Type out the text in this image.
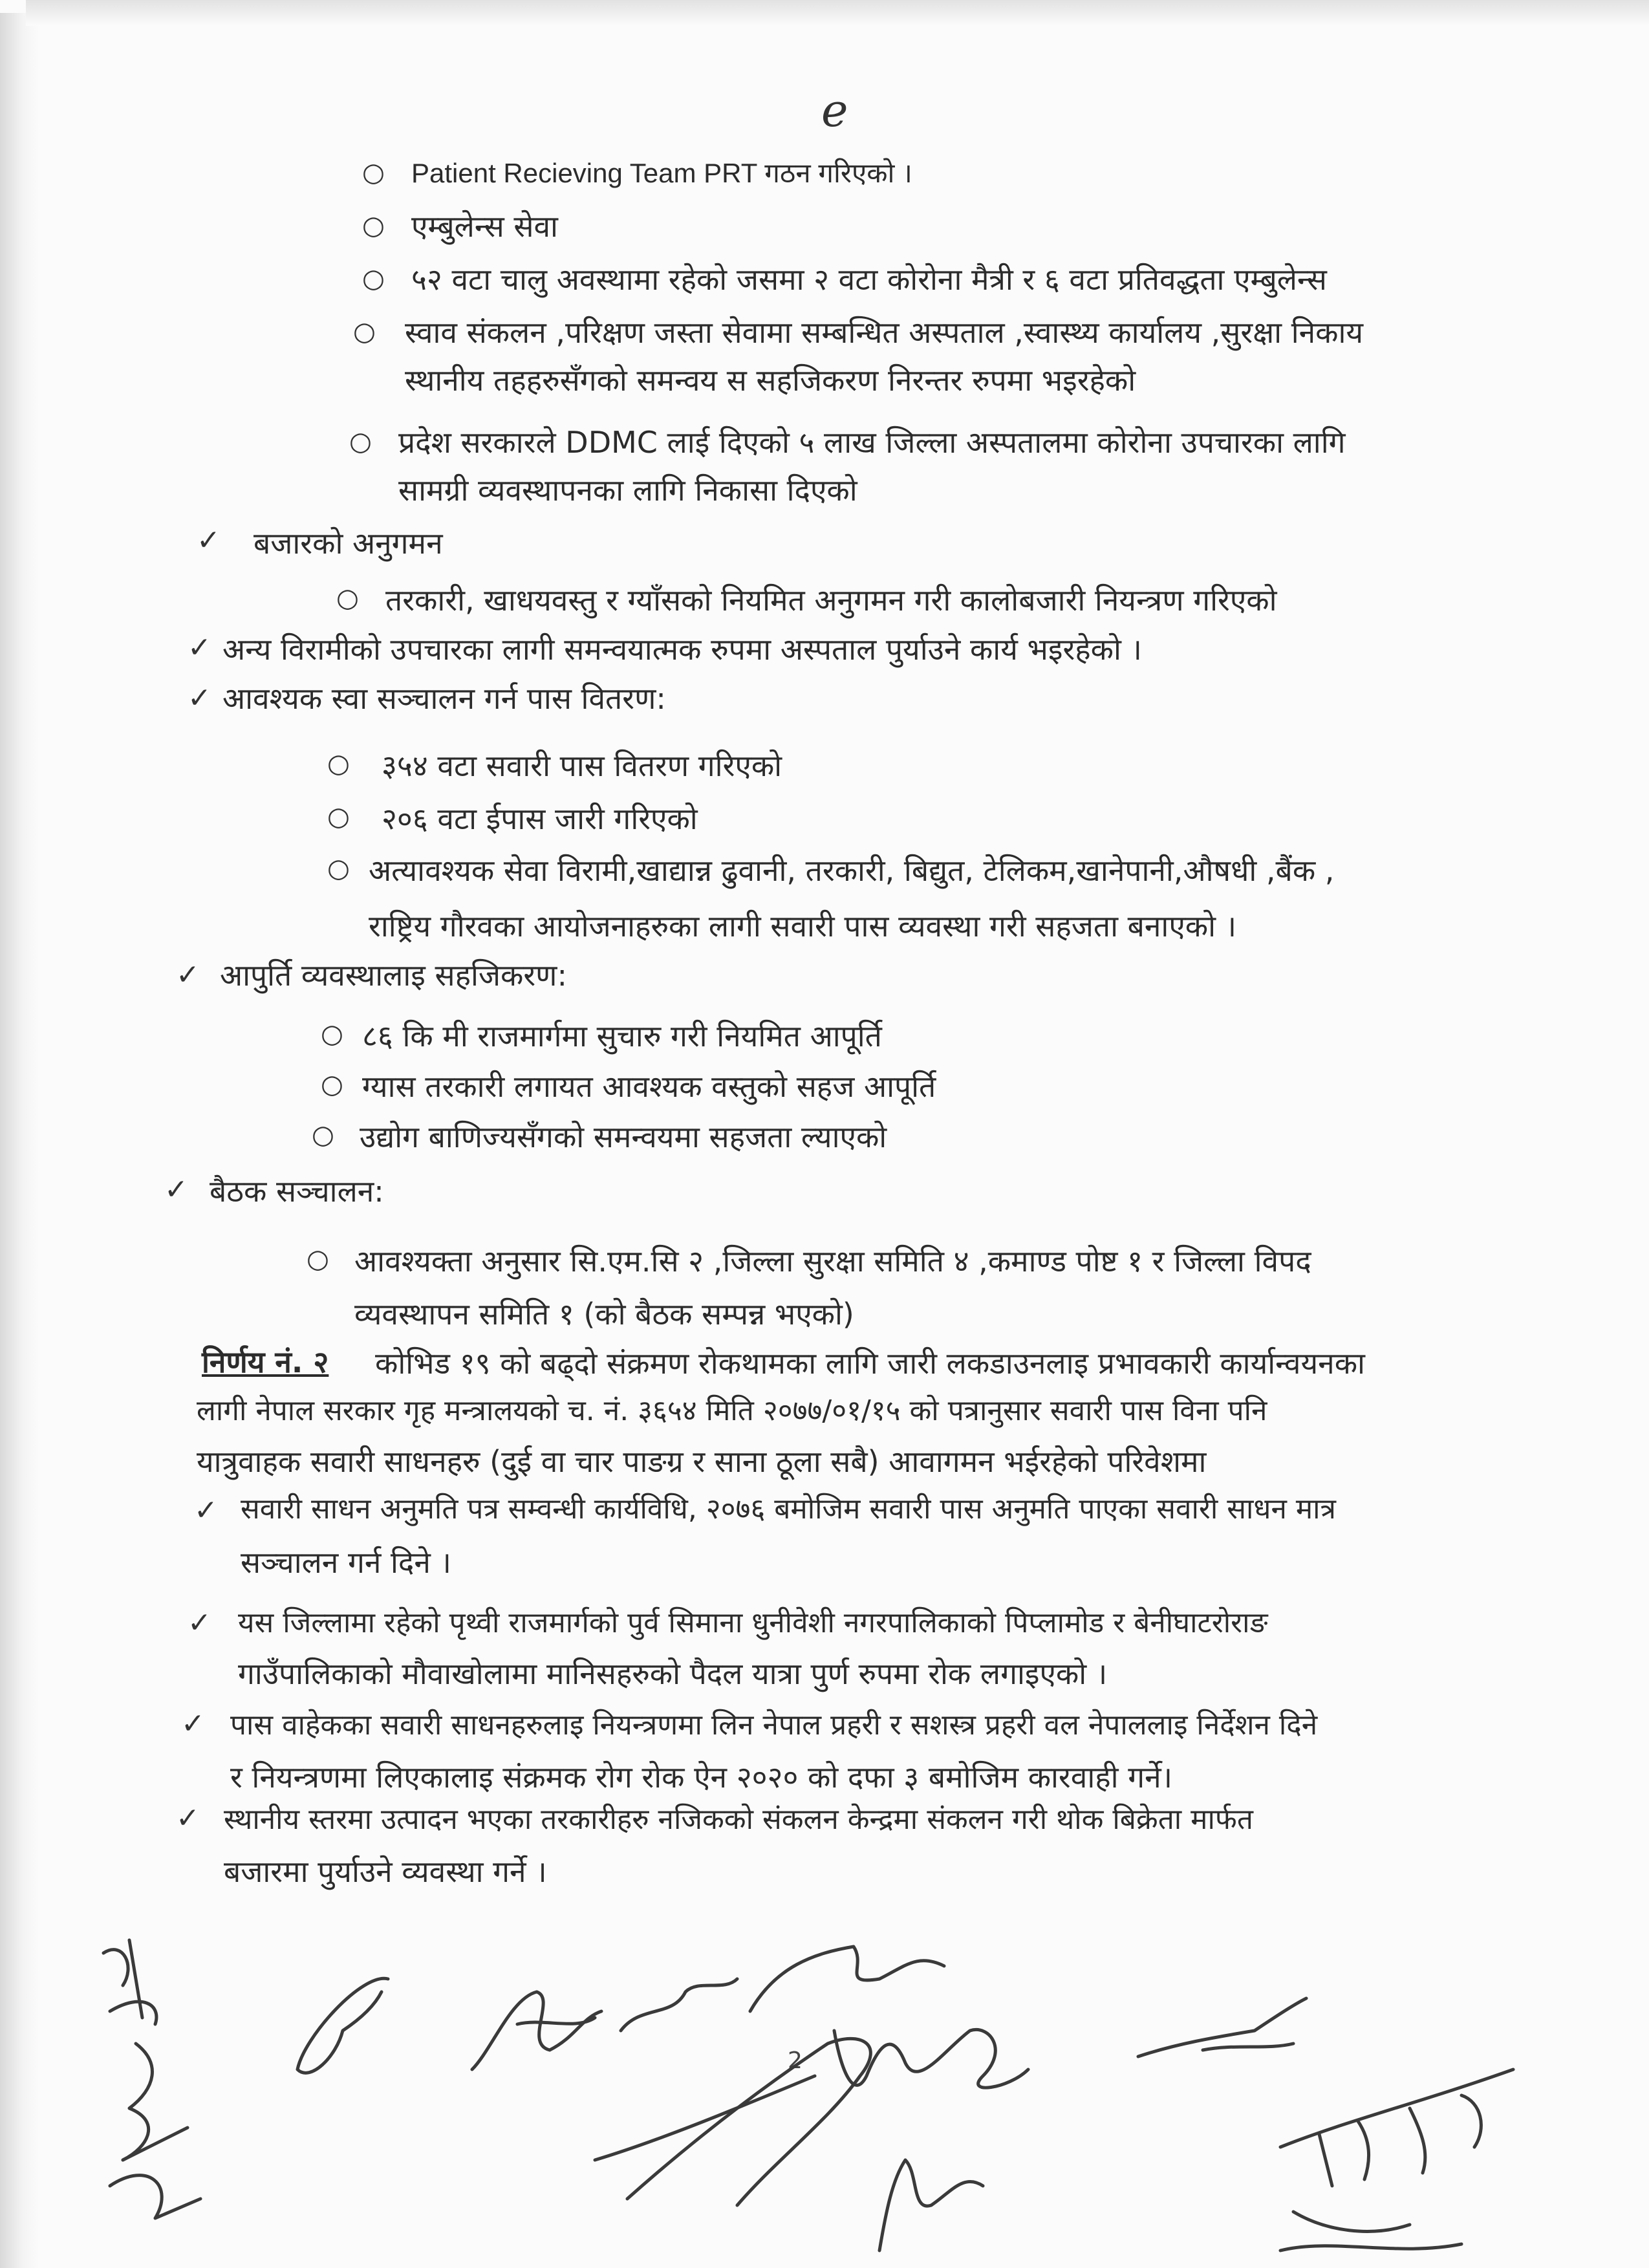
e
○ Patient Recieving Team PRT गठन गरिएको ।
○ एम्बुलेन्स सेवा
○ ५२ वटा चालु अवस्थामा रहेको जसमा २ वटा कोरोना मैत्री र ६ वटा प्रतिवद्धता एम्बुलेन्स
○ स्वाव संकलन ,परिक्षण जस्ता सेवामा सम्बन्धित अस्पताल ,स्वास्थ्य कार्यालय ,सुरक्षा निकाय
स्थानीय तहहरुसँगको समन्वय स सहजिकरण निरन्तर रुपमा भइरहेको
○ प्रदेश सरकारले DDMC लाई दिएको ५ लाख जिल्ला अस्पतालमा कोरोना उपचारका लागि
सामग्री व्यवस्थापनका लागि निकासा दिएको
✓ बजारको अनुगमन
○ तरकारी, खाधयवस्तु र ग्याँसको नियमित अनुगमन गरी कालोबजारी नियन्त्रण गरिएको
✓ अन्य विरामीको उपचारका लागी समन्वयात्मक रुपमा अस्पताल पुर्याउने कार्य भइरहेको ।
✓ आवश्यक स्वा सञ्चालन गर्न पास वितरण:
○ ३५४ वटा सवारी पास वितरण गरिएको
○ २०६ वटा ईपास जारी गरिएको
○ अत्यावश्यक सेवा विरामी,खाद्यान्न ढुवानी, तरकारी, बिद्युत, टेलिकम,खानेपानी,औषधी ,बैंक ,
राष्ट्रिय गौरवका आयोजनाहरुका लागी सवारी पास व्यवस्था गरी सहजता बनाएको ।
✓ आपुर्ति व्यवस्थालाइ सहजिकरण:
○ ८६ कि मी राजमार्गमा सुचारु गरी नियमित आपूर्ति
○ ग्यास तरकारी लगायत आवश्यक वस्तुको सहज आपूर्ति
○ उद्योग बाणिज्यसँगको समन्वयमा सहजता ल्याएको
✓ बैठक सञ्चालन:
○ आवश्यक्ता अनुसार सि.एम.सि २ ,जिल्ला सुरक्षा समिति ४ ,कमाण्ड पोष्ट १ र जिल्ला विपद
व्यवस्थापन समिति १ (को बैठक सम्पन्न भएको)
निर्णय नं. २ कोभिड १९ को बढ्दो संक्रमण रोकथामका लागि जारी लकडाउनलाइ प्रभावकारी कार्यान्वयनका
लागी नेपाल सरकार गृह मन्त्रालयको च. नं. ३६५४ मिति २०७७/०१/१५ को पत्रानुसार सवारी पास विना पनि
यात्रुवाहक सवारी साधनहरु (दुई वा चार पाङग्र र साना ठूला सबै) आवागमन भईरहेको परिवेशमा
✓ सवारी साधन अनुमति पत्र सम्वन्धी कार्यविधि, २०७६ बमोजिम सवारी पास अनुमति पाएका सवारी साधन मात्र
सञ्चालन गर्न दिने ।
✓ यस जिल्लामा रहेको पृथ्वी राजमार्गको पुर्व सिमाना धुनीवेशी नगरपालिकाको पिप्लामोड र बेनीघाटरोराङ
गाउँपालिकाको मौवाखोलामा मानिसहरुको पैदल यात्रा पुर्ण रुपमा रोक लगाइएको ।
✓ पास वाहेकका सवारी साधनहरुलाइ नियन्त्रणमा लिन नेपाल प्रहरी र सशस्त्र प्रहरी वल नेपाललाइ निर्देशन दिने
र नियन्त्रणमा लिएकालाइ संक्रमक रोग रोक ऐन २०२० को दफा ३ बमोजिम कारवाही गर्ने।
✓ स्थानीय स्तरमा उत्पादन भएका तरकारीहरु नजिकको संकलन केन्द्रमा संकलन गरी थोक बिक्रेता मार्फत
बजारमा पुर्याउने व्यवस्था गर्ने ।
2
